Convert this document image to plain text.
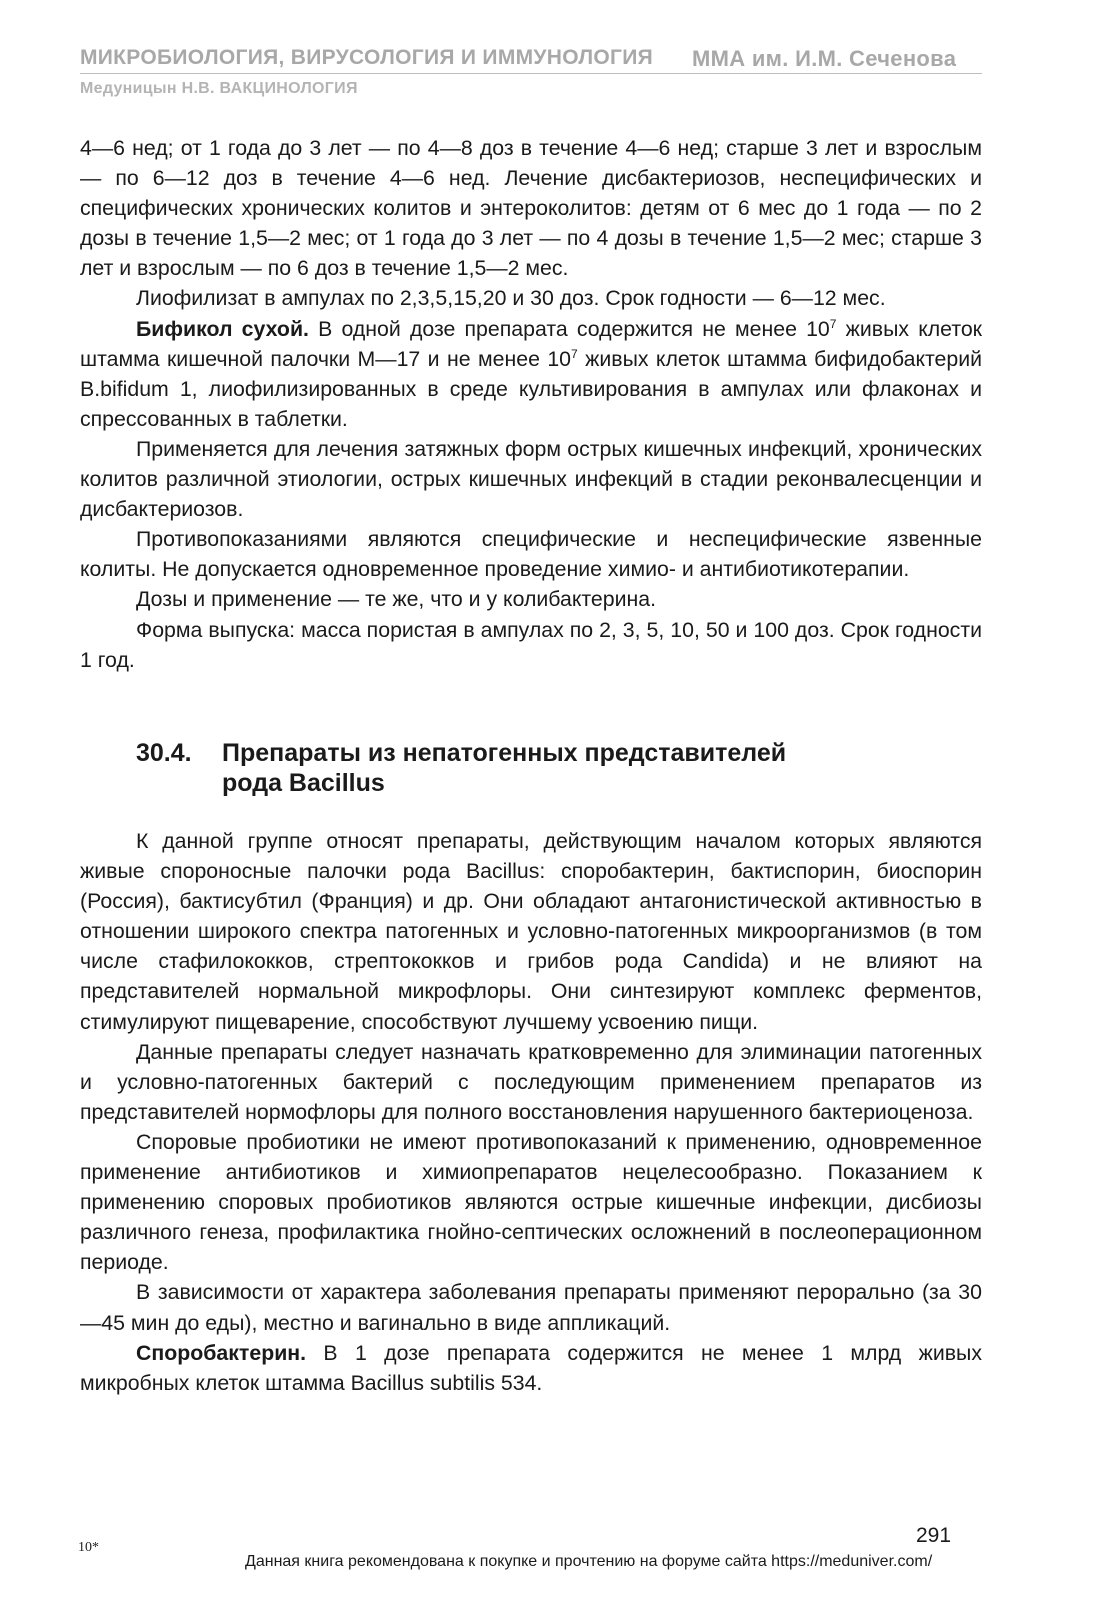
МИКРОБИОЛОГИЯ, ВИРУСОЛОГИЯ И ИММУНОЛОГИЯ ММА им. И.М. Сеченова
Медуницын Н.В. ВАКЦИНОЛОГИЯ

4—6 нед; от 1 года до 3 лет — по 4—8 доз в течение 4—6 нед; старше 3 лет и взрослым — по 6—12 доз в течение 4—6 нед. Лечение дисбактериозов, неспецифических и специфических хронических колитов и энтероколитов: детям от 6 мес до 1 года — по 2 дозы в течение 1,5—2 мес; от 1 года до 3 лет — по 4 дозы в течение 1,5—2 мес; старше 3 лет и взрослым — по 6 доз в течение 1,5—2 мес.

Лиофилизат в ампулах по 2,3,5,15,20 и 30 доз. Срок годности — 6—12 мес.

Бификол сухой. В одной дозе препарата содержится не менее $10^7$ живых клеток штамма кишечной палочки М—17 и не менее $10^7$ живых клеток штамма бифидобактерий B.bifidum 1, лиофилизированных в среде культивирования в ампулах или флаконах и спрессованных в таблетки.

Применяется для лечения затяжных форм острых кишечных инфекций, хронических колитов различной этиологии, острых кишечных инфекций в стадии реконвалесценции и дисбактериозов.

Противопоказаниями являются специфические и неспецифические язвенные колиты. Не допускается одновременное проведение химио- и антибиотикотерапии.

Дозы и применение — те же, что и у колибактерина.

Форма выпуска: масса пористая в ампулах по 2, 3, 5, 10, 50 и 100 доз. Срок годности 1 год.

30.4. Препараты из непатогенных представителей
рода Bacillus

К данной группе относят препараты, действующим началом которых являются живые спороносные палочки рода Bacillus: споробактерин, бактиспорин, биоспорин (Россия), бактисубтил (Франция) и др. Они обладают антагонистической активностью в отношении широкого спектра патогенных и условно-патогенных микроорганизмов (в том числе стафилококков, стрептококков и грибов рода Candida) и не влияют на представителей нормальной микрофлоры. Они синтезируют комплекс ферментов, стимулируют пищеварение, способствуют лучшему усвоению пищи.

Данные препараты следует назначать кратковременно для элиминации патогенных и условно-патогенных бактерий с последующим применением препаратов из представителей нормофлоры для полного восстановления нарушенного бактериоценоза.

Споровые пробиотики не имеют противопоказаний к применению, одновременное применение антибиотиков и химиопрепаратов нецелесообразно. Показанием к применению споровых пробиотиков являются острые кишечные инфекции, дисбиозы различного генеза, профилактика гнойно-септических осложнений в послеоперационном периоде.

В зависимости от характера заболевания препараты применяют перорально (за 30—45 мин до еды), местно и вагинально в виде аппликаций.

Споробактерин. В 1 дозе препарата содержится не менее 1 млрд живых микробных клеток штамма Bacillus subtilis 534.

10*
291
Данная книга рекомендована к покупке и прочтению на форуме сайта https://meduniver.com/
